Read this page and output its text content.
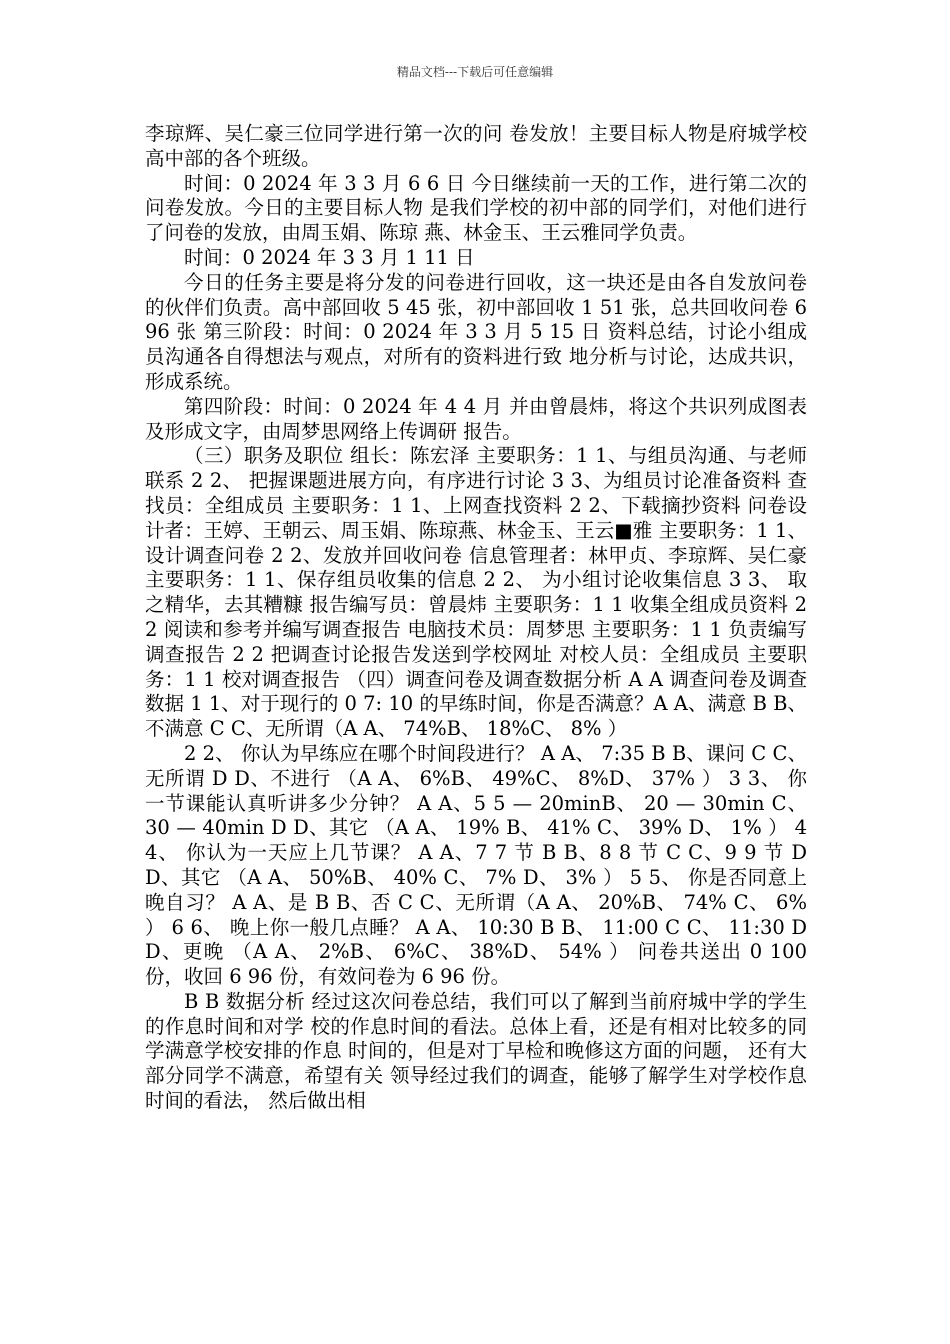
精品文档---下载后可任意编辑

李琼辉、吴仁豪三位同学进行第一次的问 卷发放！主要目标人物是府城学校高中部的各个班级。

时间：0 2024 年 3 3 月 6 6 日 今日继续前一天的工作，进行第二次的问卷发放。今日的主要目标人物 是我们学校的初中部的同学们，对他们进行了问卷的发放，由周玉娟、陈琼 燕、林金玉、王云雅同学负责。

时间：0 2024 年 3 3 月 1 11 日

今日的任务主要是将分发的问卷进行回收，这一块还是由各自发放问卷 的伙伴们负责。高中部回收 5 45 张，初中部回收 1 51 张，总共回收问卷 6 96 张 第三阶段：时间：0 2024 年 3 3 月 5 15 日 资料总结，讨论小组成员沟通各自得想法与观点，对所有的资料进行致 地分析与讨论，达成共识，形成系统。

第四阶段：时间：0 2024 年 4 4 月 并由曾晨炜，将这个共识列成图表及形成文字，由周梦思网络上传调研 报告。

（三）职务及职位 组长：陈宏泽 主要职务：1 1、与组员沟通、与老师联系 2 2、 把握课题进展方向，有序进行讨论 3 3、为组员讨论准备资料 查找员：全组成员 主要职务：1 1、上网查找资料 2 2、下载摘抄资料 问卷设计者：王婷、王朝云、周玉娟、陈琼燕、林金玉、王云■雅 主要职务：1 1、设计调查问卷 2 2、发放并回收问卷 信息管理者：林甲贞、李琼辉、吴仁豪 主要职务：1 1、保存组员收集的信息 2 2、 为小组讨论收集信息 3 3、 取之精华，去其糟糠 报告编写员：曾晨炜 主要职务：1 1 收集全组成员资料 2 2 阅读和参考并编写调查报告 电脑技术员：周梦思 主要职务：1 1 负责编写调查报告 2 2 把调查讨论报告发送到学校网址 对校人员：全组成员 主要职务：1 1 校对调查报告 （四）调查问卷及调查数据分析 A A 调查问卷及调查数据 1 1、对于现行的 0 7: 10 的早练时间，你是否满意？A A、满意 B B、不满意 C C、无所谓（A A、 74%B、 18%C、 8% ）

2 2、 你认为早练应在哪个时间段进行？ A A、 7:35 B B、课问 C C、无所谓 D D、不进行 （A A、 6%B、 49%C、 8%D、 37% ） 3 3、 你一节课能认真听讲多少分钟？ A A、5 5 — 20minB、 20 — 30min C、 30 — 40min D D、其它 （A A、 19% B、 41% C、 39% D、 1% ） 4 4、 你认为一天应上几节课？ A A、7 7 节 B B、8 8 节 C C、9 9 节 D D、其它 （A A、 50%B、 40% C、 7% D、 3% ） 5 5、 你是否同意上晚自习？ A A、是 B B、否 C C、无所谓（A A、 20%B、 74% C、 6% ） 6 6、 晚上你一般几点睡？ A A、 10:30 B B、 11:00 C C、 11:30 D D、更晚 （A A、 2%B、 6%C、 38%D、 54% ） 问卷共送出 0 100 份，收回 6 96 份，有效问卷为 6 96 份。

B B 数据分析 经过这次问卷总结，我们可以了解到当前府城中学的学生的作息时间和对学 校的作息时间的看法。总体上看，还是有相对比较多的同学满意学校安排的作息 时间的，但是对丁早检和晚修这方面的问题， 还有大部分同学不满意，希望有关 领导经过我们的调查，能够了解学生对学校作息时间的看法， 然后做出相
